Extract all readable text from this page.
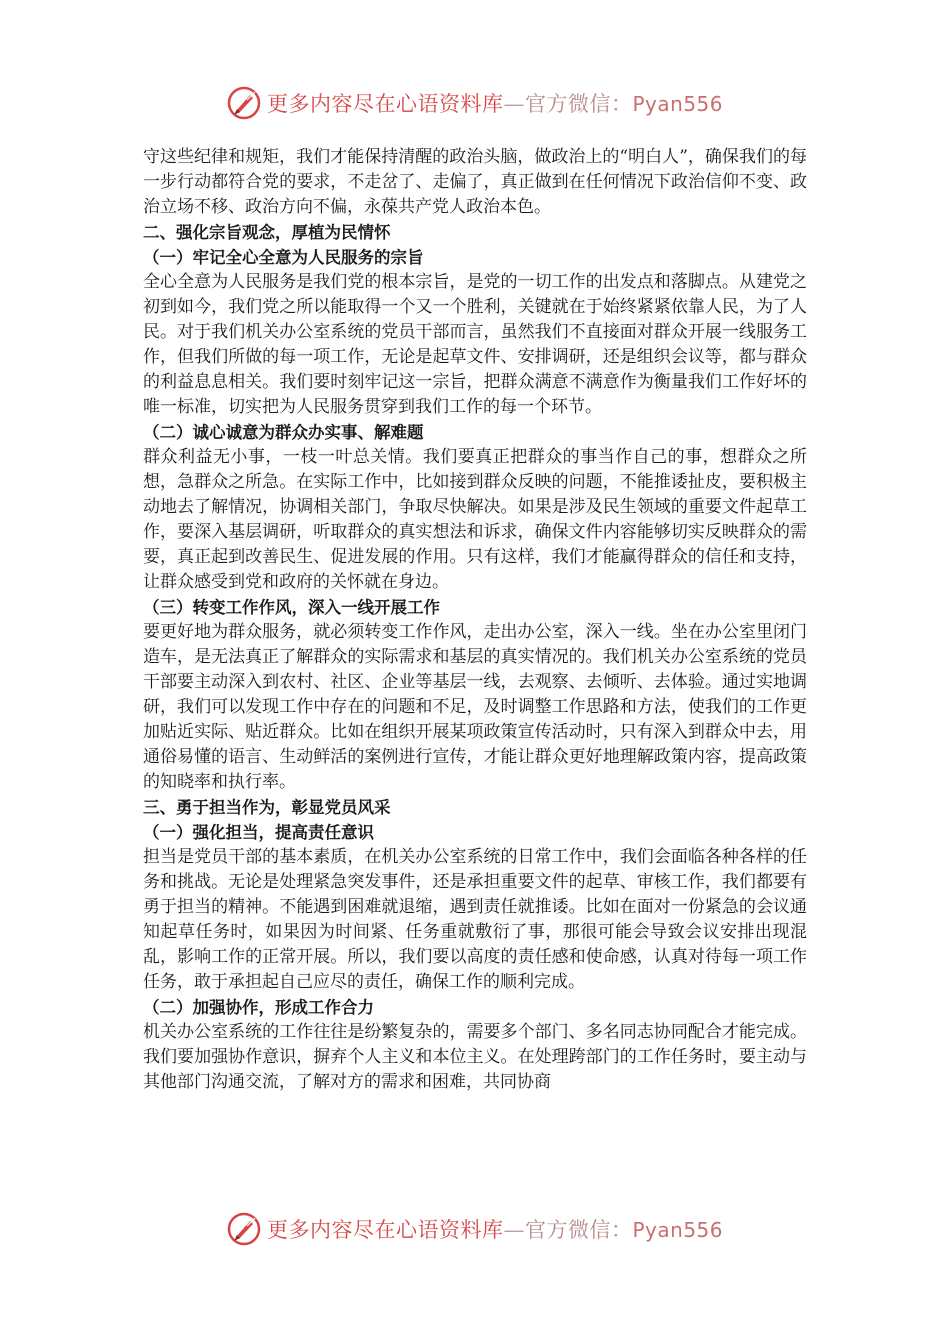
更多内容尽在心语资料库—官方微信：Pyan556

守这些纪律和规矩，我们才能保持清醒的政治头脑，做政治上的“明白人”，确保我们的每一步行动都符合党的要求，不走岔了、走偏了，真正做到在任何情况下政治信仰不变、政治立场不移、政治方向不偏，永葆共产党人政治本色。

二、强化宗旨观念，厚植为民情怀
（一）牢记全心全意为人民服务的宗旨

全心全意为人民服务是我们党的根本宗旨，是党的一切工作的出发点和落脚点。从建党之初到如今，我们党之所以能取得一个又一个胜利，关键就在于始终紧紧依靠人民，为了人民。对于我们机关办公室系统的党员干部而言，虽然我们不直接面对群众开展一线服务工作，但我们所做的每一项工作，无论是起草文件、安排调研，还是组织会议等，都与群众的利益息息相关。我们要时刻牢记这一宗旨，把群众满意不满意作为衡量我们工作好坏的唯一标准，切实把为人民服务贯穿到我们工作的每一个环节。

（二）诚心诚意为群众办实事、解难题

群众利益无小事，一枝一叶总关情。我们要真正把群众的事当作自己的事，想群众之所想，急群众之所急。在实际工作中，比如接到群众反映的问题，不能推诿扯皮，要积极主动地去了解情况，协调相关部门，争取尽快解决。如果是涉及民生领域的重要文件起草工作，要深入基层调研，听取群众的真实想法和诉求，确保文件内容能够切实反映群众的需要，真正起到改善民生、促进发展的作用。只有这样，我们才能赢得群众的信任和支持，让群众感受到党和政府的关怀就在身边。

（三）转变工作作风，深入一线开展工作

要更好地为群众服务，就必须转变工作作风，走出办公室，深入一线。坐在办公室里闭门造车，是无法真正了解群众的实际需求和基层的真实情况的。我们机关办公室系统的党员干部要主动深入到农村、社区、企业等基层一线，去观察、去倾听、去体验。通过实地调研，我们可以发现工作中存在的问题和不足，及时调整工作思路和方法，使我们的工作更加贴近实际、贴近群众。比如在组织开展某项政策宣传活动时，只有深入到群众中去，用通俗易懂的语言、生动鲜活的案例进行宣传，才能让群众更好地理解政策内容，提高政策的知晓率和执行率。

三、勇于担当作为，彰显党员风采
（一）强化担当，提高责任意识

担当是党员干部的基本素质，在机关办公室系统的日常工作中，我们会面临各种各样的任务和挑战。无论是处理紧急突发事件，还是承担重要文件的起草、审核工作，我们都要有勇于担当的精神。不能遇到困难就退缩，遇到责任就推诿。比如在面对一份紧急的会议通知起草任务时，如果因为时间紧、任务重就敷衍了事，那很可能会导致会议安排出现混乱，影响工作的正常开展。所以，我们要以高度的责任感和使命感，认真对待每一项工作任务，敢于承担起自己应尽的责任，确保工作的顺利完成。

（二）加强协作，形成工作合力

机关办公室系统的工作往往是纷繁复杂的，需要多个部门、多名同志协同配合才能完成。我们要加强协作意识，摒弃个人主义和本位主义。在处理跨部门的工作任务时，要主动与其他部门沟通交流，了解对方的需求和困难，共同协商

更多内容尽在心语资料库—官方微信：Pyan556
